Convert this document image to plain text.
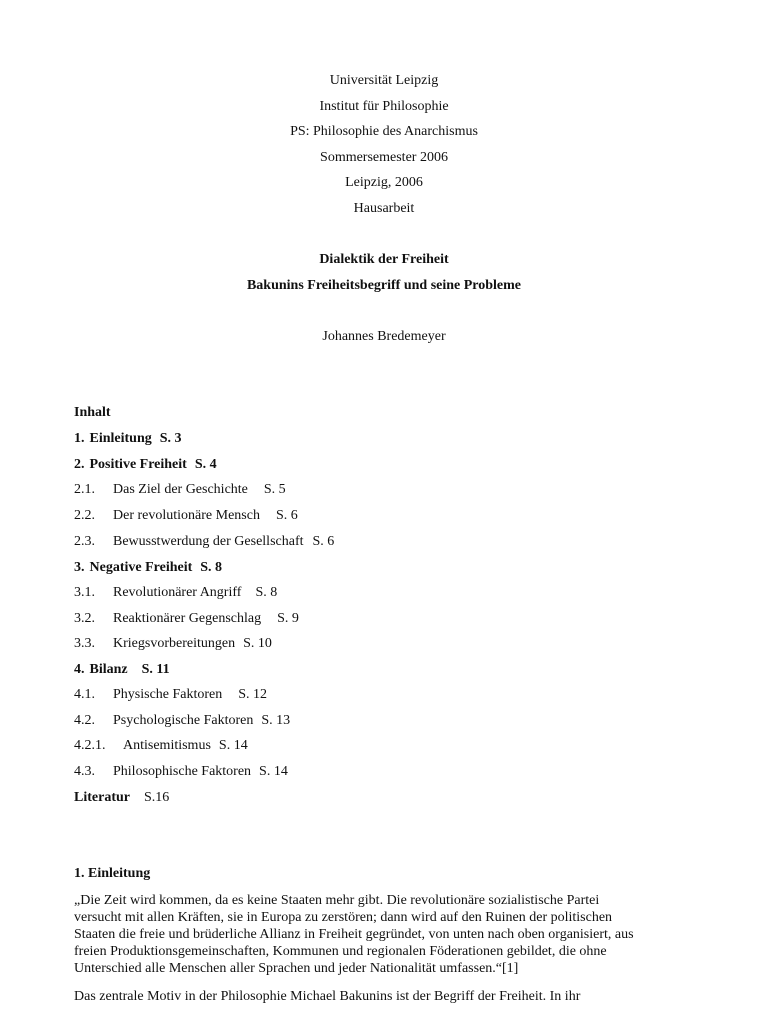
Universität Leipzig
Institut für Philosophie
PS: Philosophie des Anarchismus
Sommersemester 2006
Leipzig, 2006
Hausarbeit
Dialektik der Freiheit
Bakunins Freiheitsbegriff und seine Probleme
Johannes Bredemeyer
Inhalt
1. Einleitung S. 3
2. Positive Freiheit S. 4
2.1. Das Ziel der Geschichte S. 5
2.2. Der revolutionäre Mensch S. 6
2.3. Bewusstwerdung der Gesellschaft S. 6
3. Negative Freiheit S. 8
3.1. Revolutionärer Angriff S. 8
3.2. Reaktionärer Gegenschlag S. 9
3.3. Kriegsvorbereitungen S. 10
4. Bilanz S. 11
4.1. Physische Faktoren S. 12
4.2. Psychologische Faktoren S. 13
4.2.1. Antisemitismus S. 14
4.3. Philosophische Faktoren S. 14
Literatur S.16
1. Einleitung
„Die Zeit wird kommen, da es keine Staaten mehr gibt. Die revolutionäre sozialistische Partei
versucht mit allen Kräften, sie in Europa zu zerstören; dann wird auf den Ruinen der politischen
Staaten die freie und brüderliche Allianz in Freiheit gegründet, von unten nach oben organisiert, aus
freien Produktionsgemeinschaften, Kommunen und regionalen Föderationen gebildet, die ohne
Unterschied alle Menschen aller Sprachen und jeder Nationalität umfassen.“[1]
Das zentrale Motiv in der Philosophie Michael Bakunins ist der Begriff der Freiheit. In ihr
